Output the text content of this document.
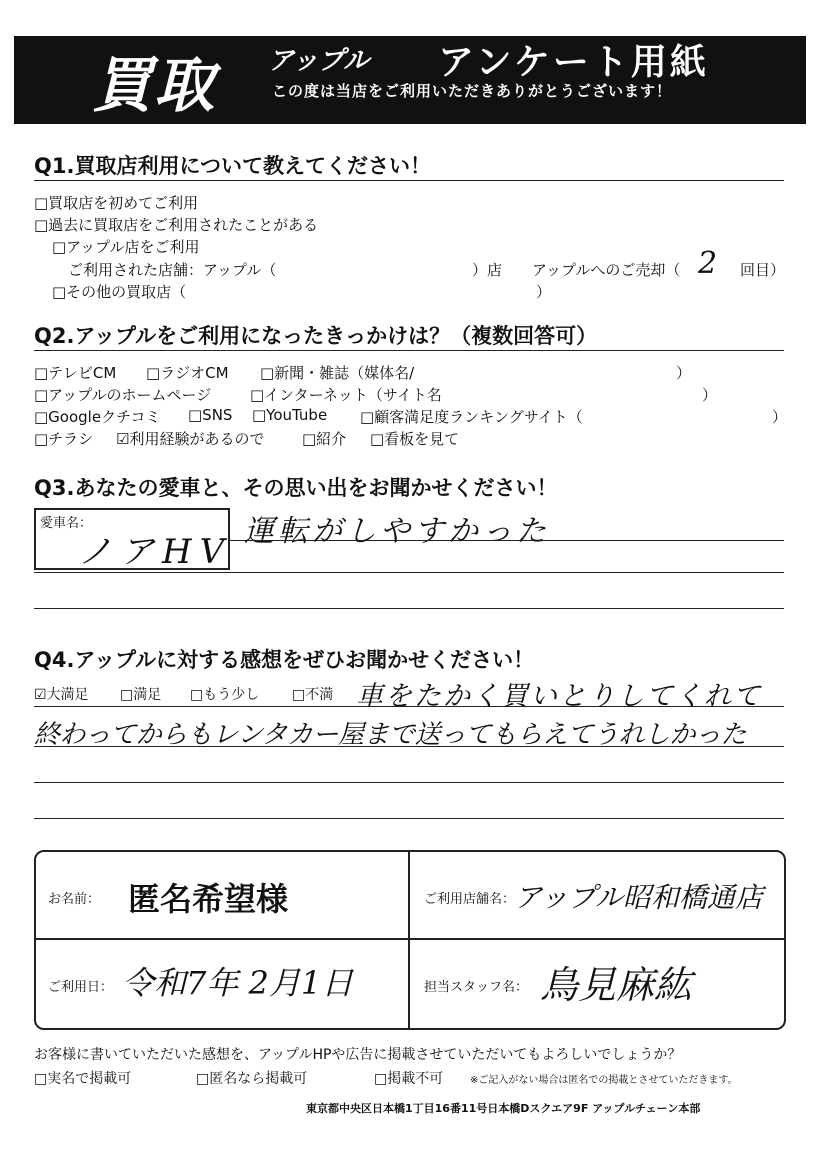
買取 アップル アンケート用紙
この度は当店をご利用いただきありがとうございます！
Q1.買取店利用について教えてください！
□買取店を初めてご利用
□過去に買取店をご利用されたことがある
□アップル店をご利用
ご利用された店舗：アップル（	）店 アップルへのご売却（ 2 回目）
□その他の買取店（	）
Q2.アップルをご利用になったきっかけは？（複数回答可）
□テレビCM □ラジオCM □新聞・雑誌（媒体名/	）
□アップルのホームページ	□インターネット（サイト名	）
□Googleクチコミ □SNS □YouTube □顧客満足度ランキングサイト（	）
□チラシ ☑利用経験があるので	□紹介 □看板を見て
Q3.あなたの愛車と、その思い出をお聞かせください！
愛車名：
ノアHV
運転がしやすかった
Q4.アップルに対する感想をぜひお聞かせください！
☑大満足 □満足 □もう少し □不満 車をたかく買いとりしてくれて
終わってからもレンタカー屋まで送ってもらえてうれしかった
お名前： 匿名希望様	ご利用店舗名：
アップル昭和橋通店
ご利用日： 令和7年 2月1日	担当スタッフ名： 鳥見麻紘
お客様に書いていただいた感想を、アップルHPや広告に掲載させていただいてもよろしいでしょうか？
□実名で掲載可	□匿名なら掲載可	□掲載不可	※ご記入がない場合は匿名での掲載とさせていただきます。
東京都中央区日本橋1丁目16番11号日本橋Dスクエア9F アップルチェーン本部
